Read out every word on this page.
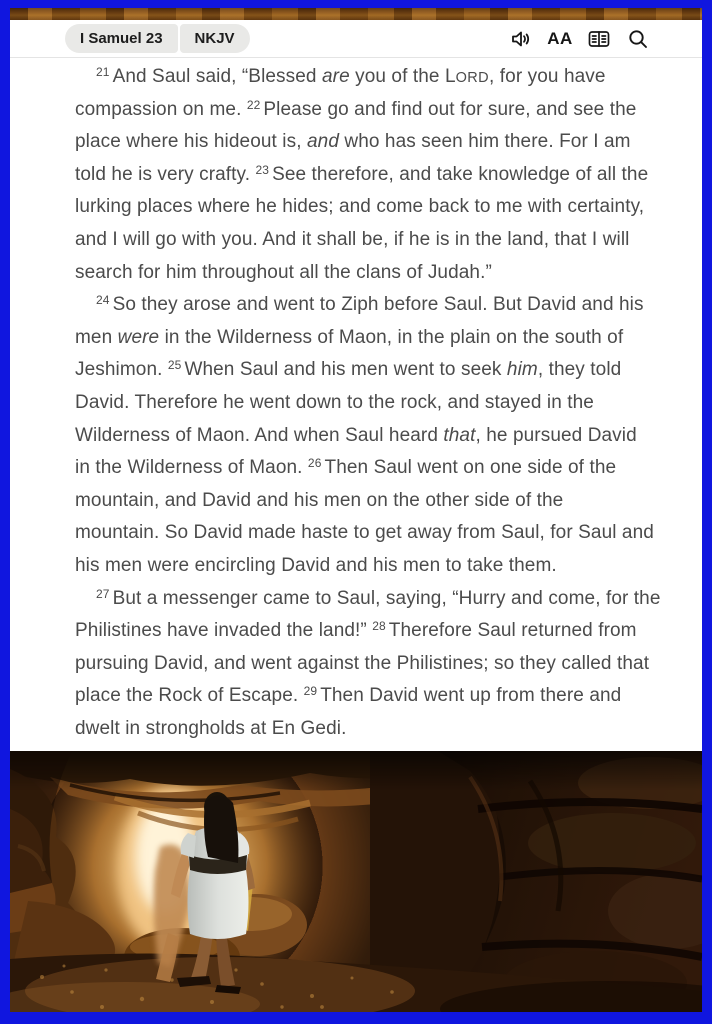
I Samuel 23	NKJV	AA
$^{21}$ And Saul said, “Blessed are you of the LORD, for you have
compassion on me. $^{22}$ Please go and find out for sure, and see the
place where his hideout is, and who has seen him there. For I am
told he is very crafty. $^{23}$ See therefore, and take knowledge of all the
lurking places where he hides; and come back to me with certainty,
and I will go with you. And it shall be, if he is in the land, that I will
search for him throughout all the clans of Judah.”
$^{24}$ So they arose and went to Ziph before Saul. But David and his
men were in the Wilderness of Maon, in the plain on the south of
Jeshimon. $^{25}$ When Saul and his men went to seek him, they told
David. Therefore he went down to the rock, and stayed in the
Wilderness of Maon. And when Saul heard that, he pursued David
in the Wilderness of Maon. $^{26}$ Then Saul went on one side of the
mountain, and David and his men on the other side of the
mountain. So David made haste to get away from Saul, for Saul and
his men were encircling David and his men to take them.
$^{27}$ But a messenger came to Saul, saying, “Hurry and come, for the
Philistines have invaded the land!” $^{28}$ Therefore Saul returned from
pursuing David, and went against the Philistines; so they called that
place the Rock of Escape. $^{29}$ Then David went up from there and
dwelt in strongholds at En Gedi.
